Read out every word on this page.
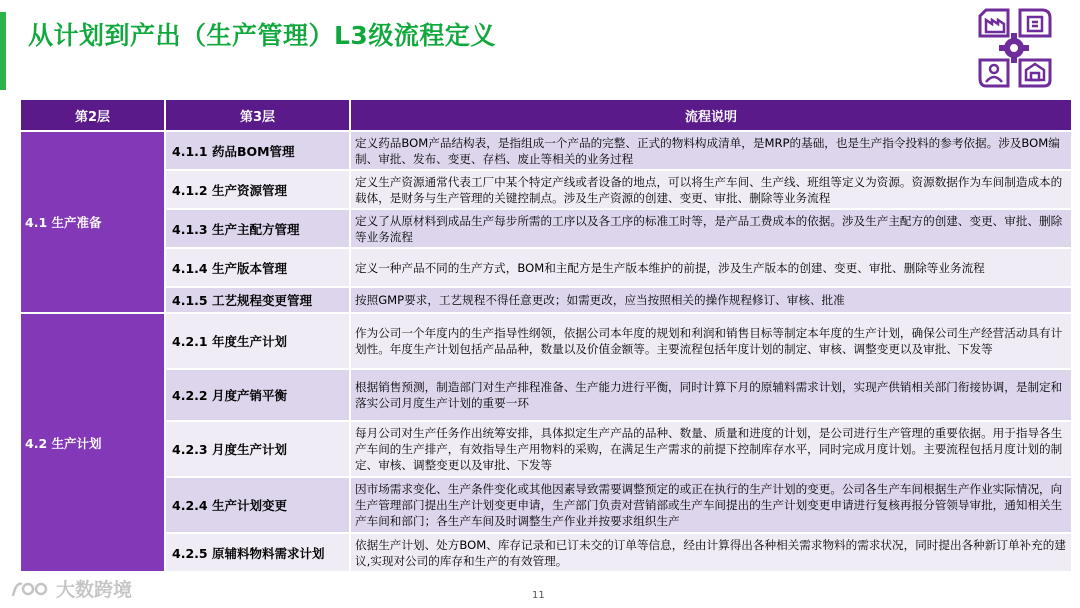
从计划到产出（生产管理）L3级流程定义
第2层	第3层	流程说明
4.1 生产准备	4.1.1 药品BOM管理	定义药品BOM产品结构表，是指组成一个产品的完整、正式的物料构成清单，是MRP的基础，也是生产指令投料的参考依据。涉及BOM编制、审批、发布、变更、存档、废止等相关的业务过程
	4.1.2 生产资源管理	定义生产资源通常代表工厂中某个特定产线或者设备的地点，可以将生产车间、生产线、班组等定义为资源。资源数据作为车间制造成本的载体，是财务与生产管理的关键控制点。涉及生产资源的创建、变更、审批、删除等业务流程
	4.1.3 生产主配方管理	定义了从原材料到成品生产每步所需的工序以及各工序的标准工时等，是产品工费成本的依据。涉及生产主配方的创建、变更、审批、删除等业务流程
	4.1.4 生产版本管理	定义一种产品不同的生产方式，BOM和主配方是生产版本维护的前提，涉及生产版本的创建、变更、审批、删除等业务流程
	4.1.5 工艺规程变更管理	按照GMP要求，工艺规程不得任意更改；如需更改，应当按照相关的操作规程修订、审核、批准
4.2 生产计划	4.2.1 年度生产计划	作为公司一个年度内的生产指导性纲领，依据公司本年度的规划和利润和销售目标等制定本年度的生产计划，确保公司生产经营活动具有计划性。年度生产计划包括产品品种，数量以及价值金额等。主要流程包括年度计划的制定、审核、调整变更以及审批、下发等
	4.2.2 月度产销平衡	根据销售预测，制造部门对生产排程准备、生产能力进行平衡，同时计算下月的原辅料需求计划，实现产供销相关部门衔接协调，是制定和落实公司月度生产计划的重要一环
	4.2.3 月度生产计划	每月公司对生产任务作出统筹安排，具体拟定生产产品的品种、数量、质量和进度的计划，是公司进行生产管理的重要依据。用于指导各生产车间的生产排产，有效指导生产用物料的采购，在满足生产需求的前提下控制库存水平，同时完成月度计划。主要流程包括月度计划的制定、审核、调整变更以及审批、下发等
	4.2.4 生产计划变更	因市场需求变化、生产条件变化或其他因素导致需要调整预定的或正在执行的生产计划的变更。公司各生产车间根据生产作业实际情况，向生产管理部门提出生产计划变更申请，生产部门负责对营销部或生产车间提出的生产计划变更申请进行复核再报分管领导审批，通知相关生产车间和部门；各生产车间及时调整生产作业并按要求组织生产
	4.2.5 原辅料物料需求计划	依据生产计划、处方BOM、库存记录和已订未交的订单等信息，经由计算得出各种相关需求物料的需求状况，同时提出各种新订单补充的建议,实现对公司的库存和生产的有效管理。
大数跨境	11
